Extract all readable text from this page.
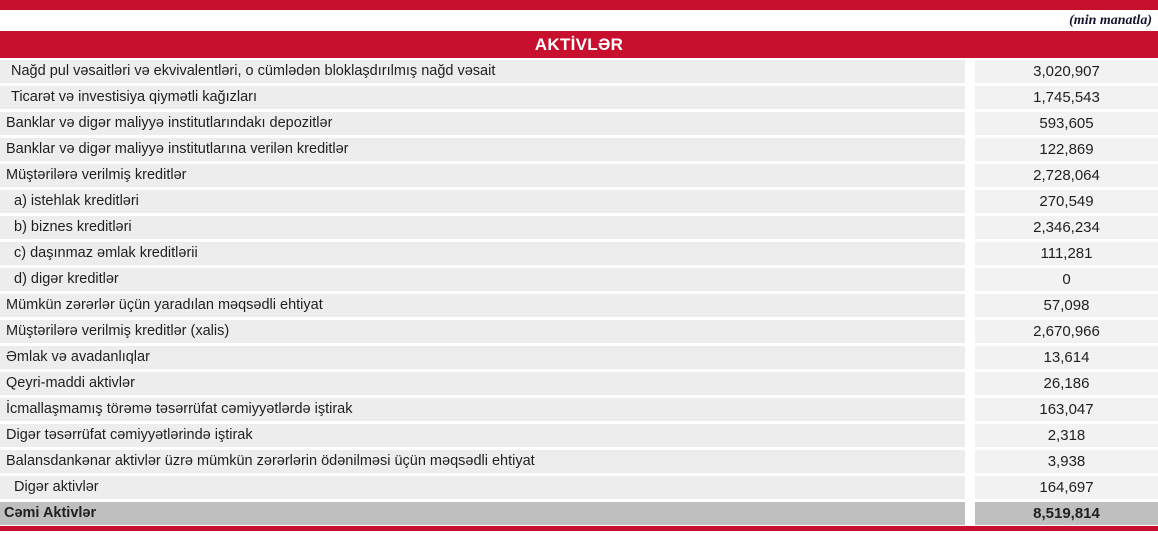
(min manatla)
AKTİVLƏR
Nağd pul vəsaitləri və ekvivalentləri, o cümlədən bloklaşdırılmış nağd vəsait	3,020,907
Ticarət və investisiya qiymətli kağızları	1,745,543
Banklar və digər maliyyə institutlarındakı depozitlər	593,605
Banklar və digər maliyyə institutlarına verilən kreditlər	122,869
Müştərilərə verilmiş kreditlər	2,728,064
a) istehlak kreditləri	270,549
b) biznes kreditləri	2,346,234
c) daşınmaz əmlak kreditlərii	111,281
d) digər kreditlər	0
Mümkün zərərlər üçün yaradılan məqsədli ehtiyat	57,098
Müştərilərə verilmiş kreditlər (xalis)	2,670,966
Əmlak və avadanlıqlar	13,614
Qeyri-maddi aktivlər	26,186
İcmallaşmamış törəmə təsərrüfat cəmiyyətlərdə iştirak	163,047
Digər təsərrüfat cəmiyyətlərində iştirak	2,318
Balansdankənar aktivlər üzrə mümkün zərərlərin ödənilməsi üçün məqsədli ehtiyat	3,938
Digər aktivlər	164,697
Cəmi Aktivlər	8,519,814
